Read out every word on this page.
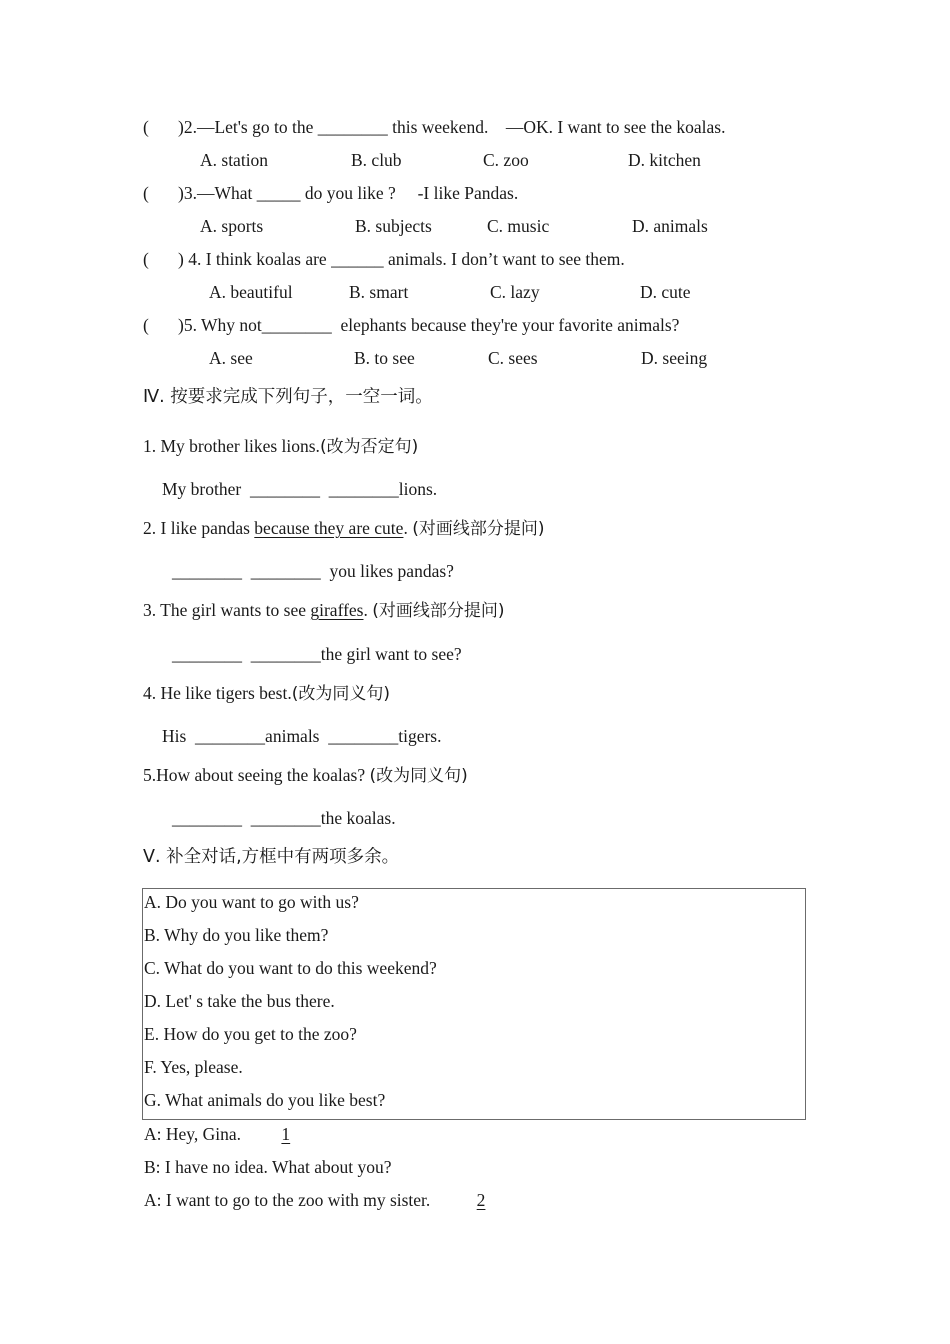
( )2.—Let's go to the ________ this weekend.    —OK. I want to see the koalas.
A. station	B. club	C. zoo	D. kitchen
( )3.—What _____ do you like ?     -I like Pandas.
A. sports	B. subjects	C. music	D. animals
( ) 4. I think koalas are ______ animals. I don’t want to see them.
A. beautiful	B. smart	C. lazy	D. cute
( )5. Why not________  elephants because they're your favorite animals?
A. see	B. to see	C. sees	D. seeing
Ⅳ. 按要求完成下列句子，一空一词。
1. My brother likes lions.(改为否定句)
My brother  ________  ________lions.
2. I like pandas because they are cute. (对画线部分提问)
________  ________  you likes pandas?
3. The girl wants to see giraffes. (对画线部分提问)
________  ________the girl want to see?
4. He like tigers best.(改为同义句)
His  ________animals  ________tigers.
5.How about seeing the koalas? (改为同义句)
________  ________the koalas.
Ⅴ. 补全对话,方框中有两项多余。
A. Do you want to go with us?
B. Why do you like them?
C. What do you want to do this weekend?
D. Let' s take the bus there.
E. How do you get to the zoo?
F. Yes, please.
G. What animals do you like best?
A: Hey, Gina.  1
B: I have no idea. What about you?
A: I want to go to the zoo with my sister.  2
